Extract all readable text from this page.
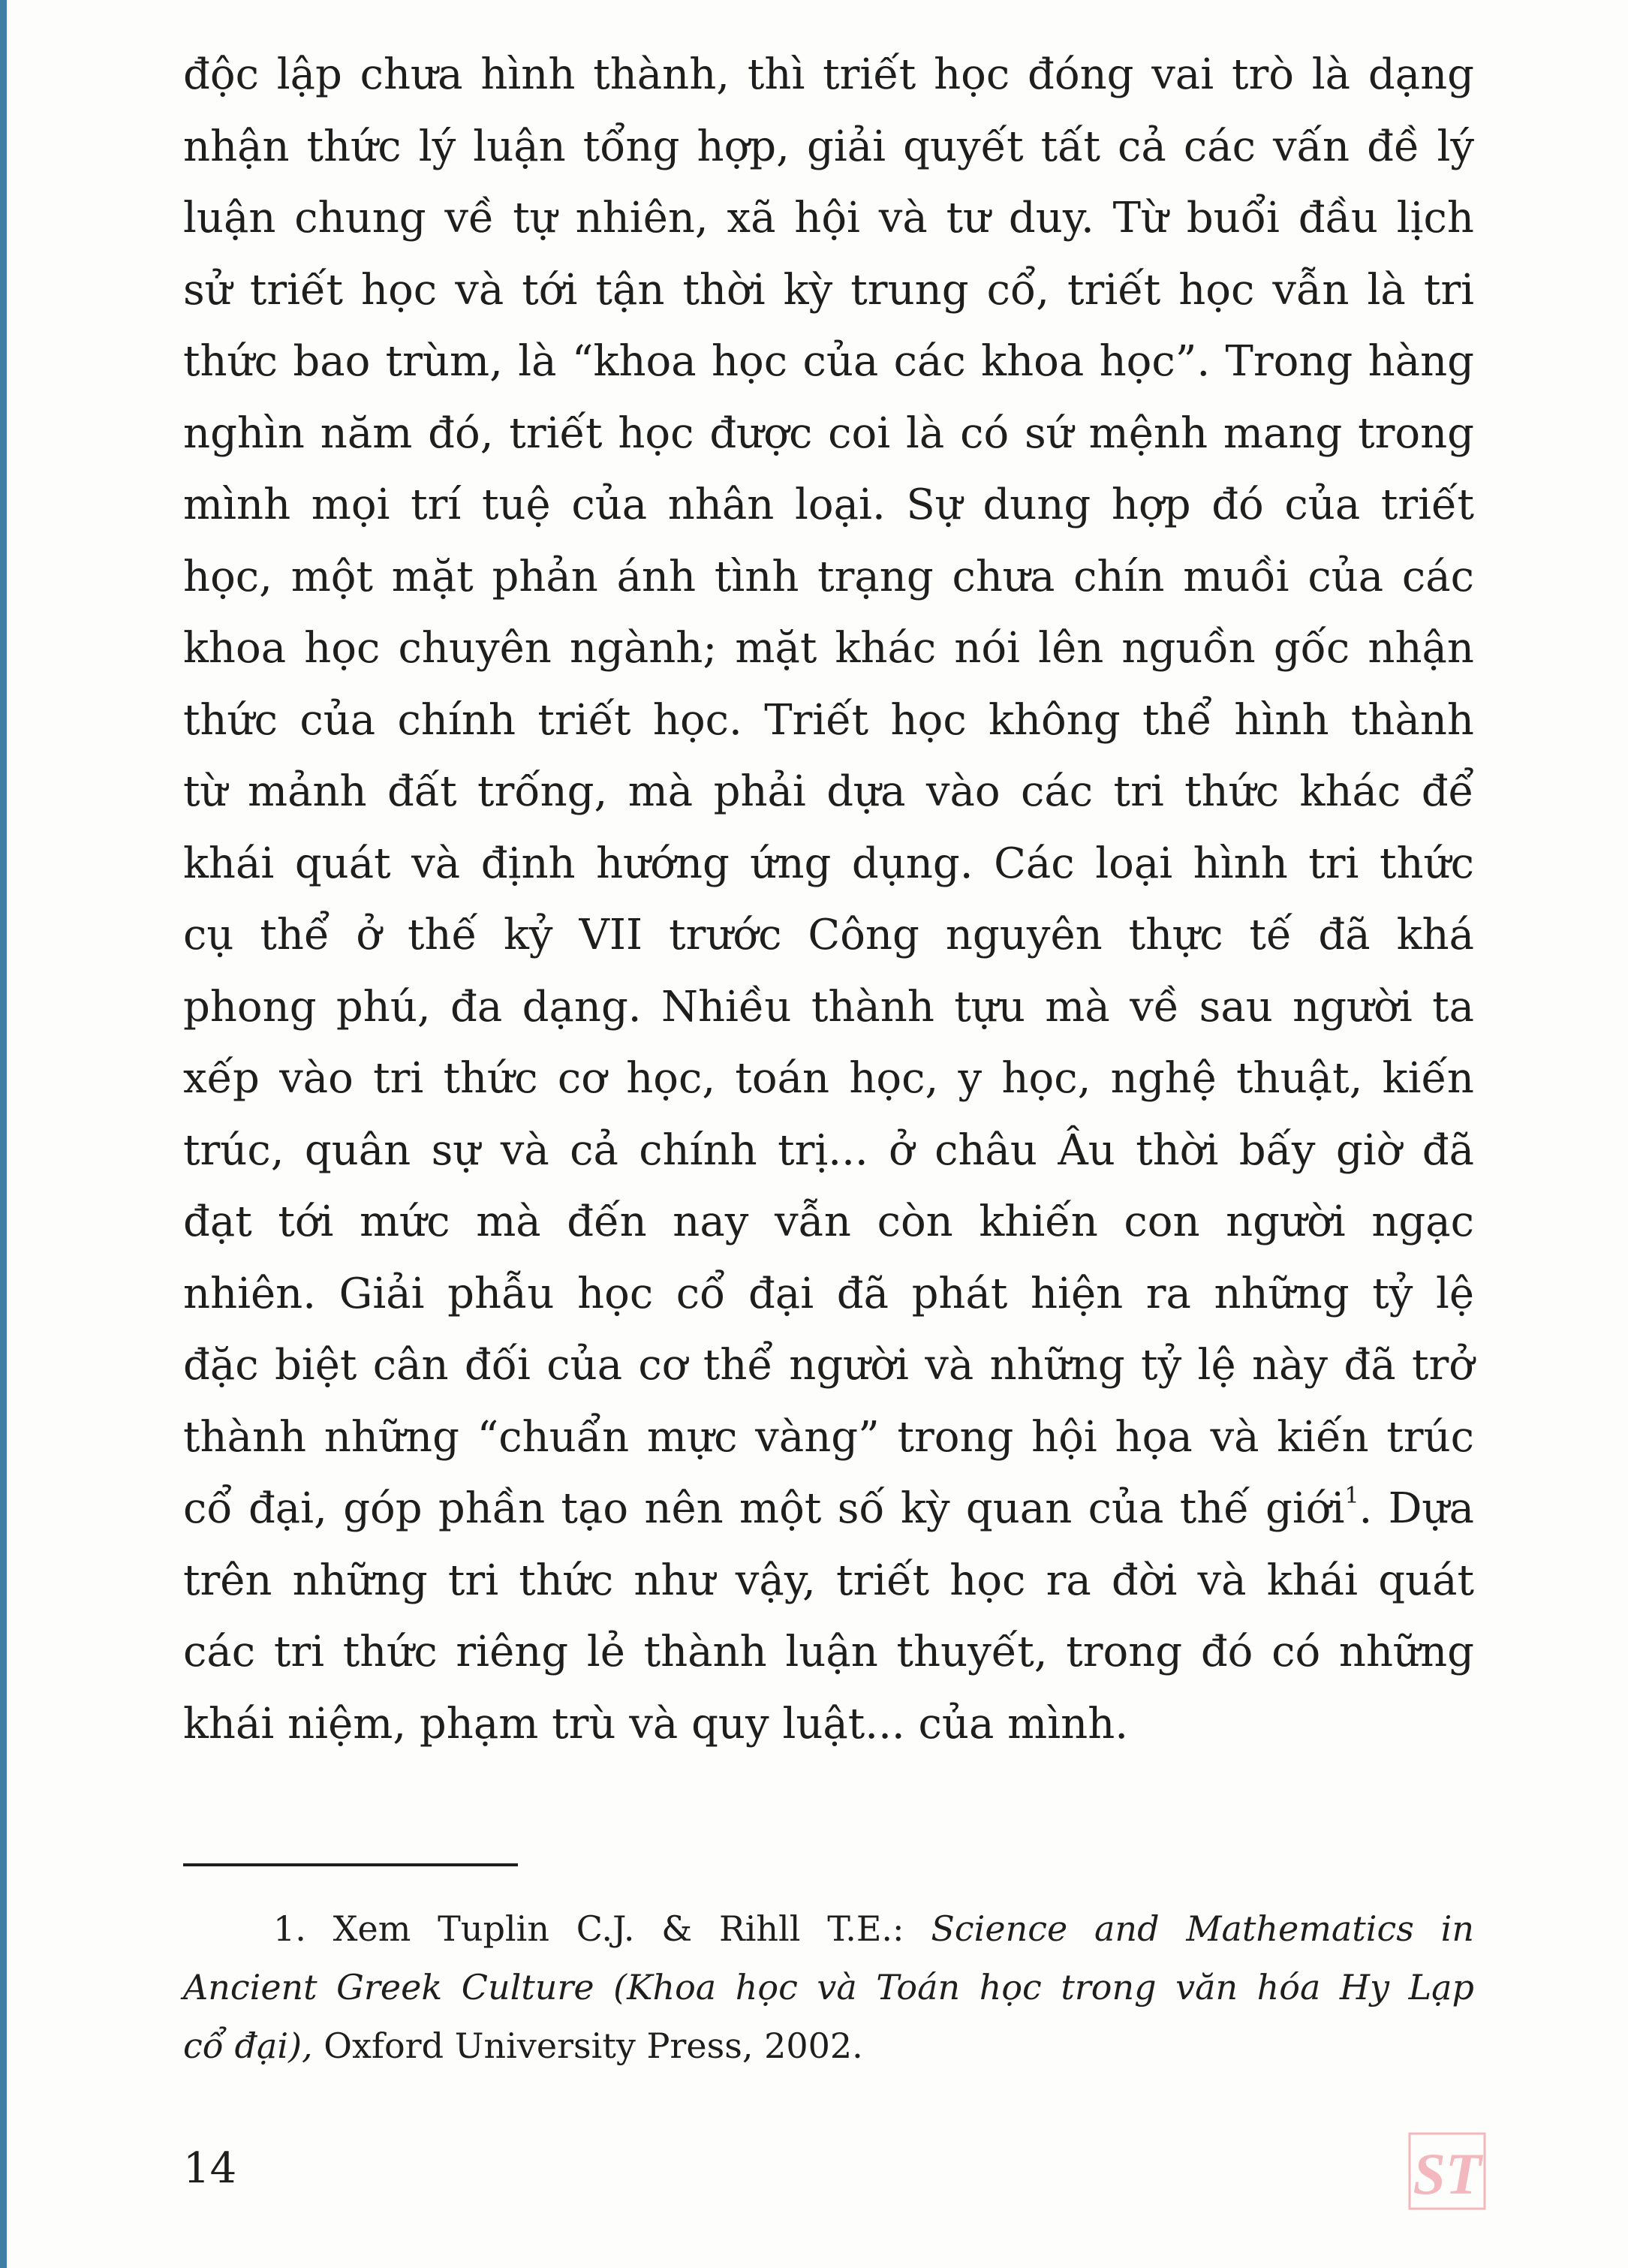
độc lập chưa hình thành, thì triết học đóng vai trò là dạng
nhận thức lý luận tổng hợp, giải quyết tất cả các vấn đề lý
luận chung về tự nhiên, xã hội và tư duy. Từ buổi đầu lịch
sử triết học và tới tận thời kỳ trung cổ, triết học vẫn là tri
thức bao trùm, là “khoa học của các khoa học”. Trong hàng
nghìn năm đó, triết học được coi là có sứ mệnh mang trong
mình mọi trí tuệ của nhân loại. Sự dung hợp đó của triết
học, một mặt phản ánh tình trạng chưa chín muồi của các
khoa học chuyên ngành; mặt khác nói lên nguồn gốc nhận
thức của chính triết học. Triết học không thể hình thành
từ mảnh đất trống, mà phải dựa vào các tri thức khác để
khái quát và định hướng ứng dụng. Các loại hình tri thức
cụ thể ở thế kỷ VII trước Công nguyên thực tế đã khá
phong phú, đa dạng. Nhiều thành tựu mà về sau người ta
xếp vào tri thức cơ học, toán học, y học, nghệ thuật, kiến
trúc, quân sự và cả chính trị... ở châu Âu thời bấy giờ đã
đạt tới mức mà đến nay vẫn còn khiến con người ngạc
nhiên. Giải phẫu học cổ đại đã phát hiện ra những tỷ lệ
đặc biệt cân đối của cơ thể người và những tỷ lệ này đã trở
thành những “chuẩn mực vàng” trong hội họa và kiến trúc
cổ đại, góp phần tạo nên một số kỳ quan của thế giới$^1$. Dựa
trên những tri thức như vậy, triết học ra đời và khái quát
các tri thức riêng lẻ thành luận thuyết, trong đó có những
khái niệm, phạm trù và quy luật... của mình.
1. Xem Tuplin C.J. & Rihll T.E.: Science and Mathematics in
Ancient Greek Culture (Khoa học và Toán học trong văn hóa Hy Lạp
cổ đại), Oxford University Press, 2002.
14	ST
